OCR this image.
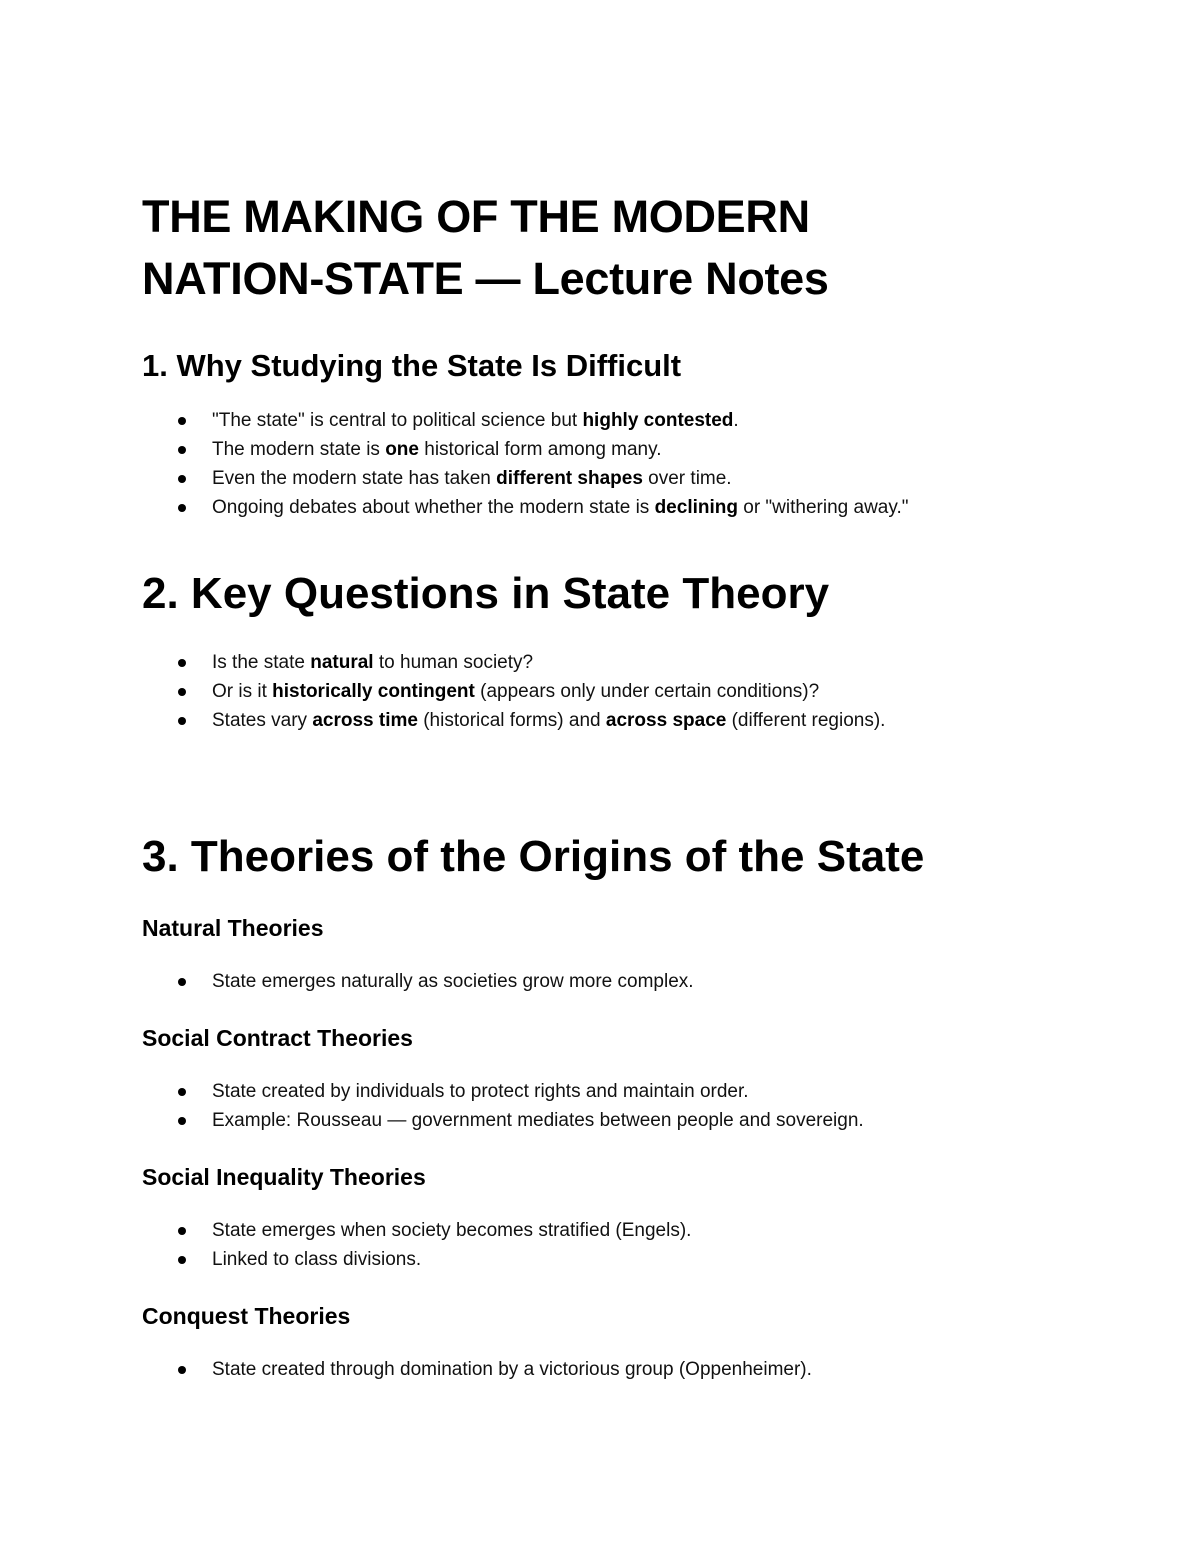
THE MAKING OF THE MODERN
NATION-STATE — Lecture Notes
1. Why Studying the State Is Difficult
"The state" is central to political science but highly contested.
The modern state is one historical form among many.
Even the modern state has taken different shapes over time.
Ongoing debates about whether the modern state is declining or "withering away."
2. Key Questions in State Theory
Is the state natural to human society?
Or is it historically contingent (appears only under certain conditions)?
States vary across time (historical forms) and across space (different regions).
3. Theories of the Origins of the State
Natural Theories
State emerges naturally as societies grow more complex.
Social Contract Theories
State created by individuals to protect rights and maintain order.
Example: Rousseau — government mediates between people and sovereign.
Social Inequality Theories
State emerges when society becomes stratified (Engels).
Linked to class divisions.
Conquest Theories
State created through domination by a victorious group (Oppenheimer).
